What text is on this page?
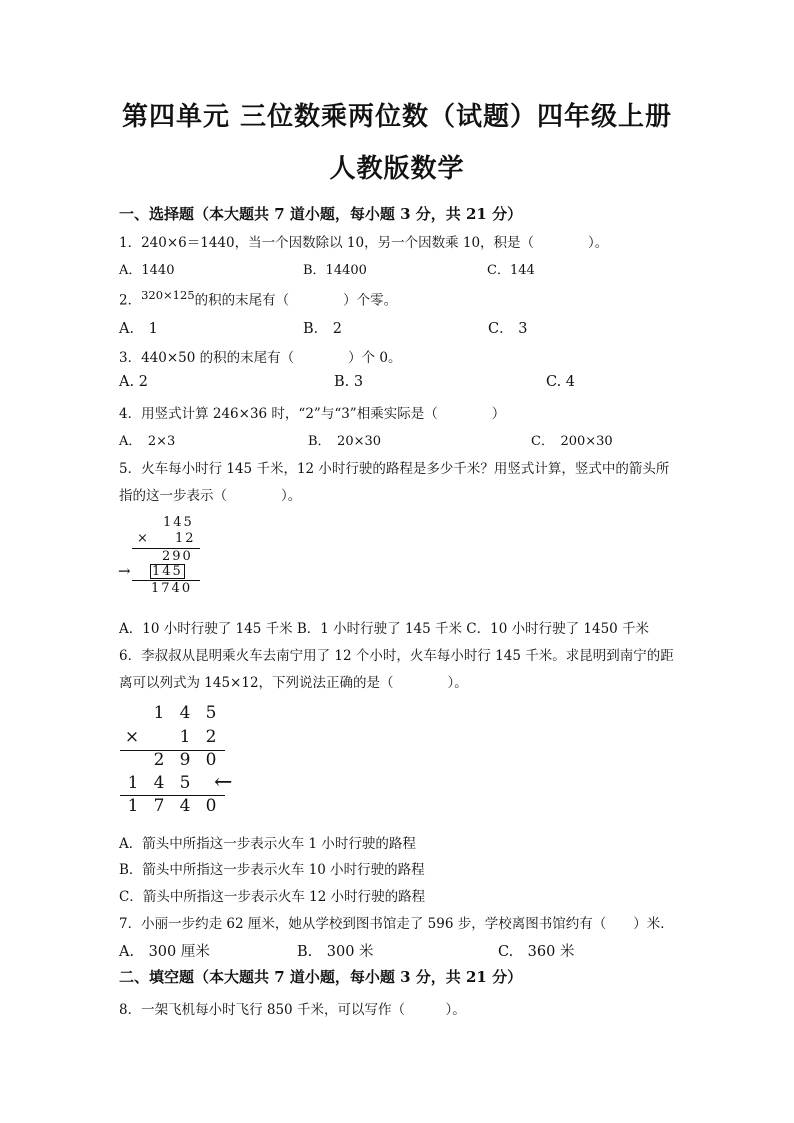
第四单元 三位数乘两位数（试题）四年级上册
人教版数学
一、选择题（本大题共 7 道小题，每小题 3 分，共 21 分）
1．240×6＝1440，当一个因数除以 10，另一个因数乘 10，积是（　　　　）。
A．1440	B．14400	C．144
2．$^{320\times 125}$的积的末尾有（　　　　）个零。
A． 1	B． 2	C． 3
3．440×50 的积的末尾有（　　　　）个 0。
A. 2	B. 3	C. 4
4．用竖式计算 246×36 时，“2”与“3”相乘实际是（　　　　）
A．　2×3	B．　20×30	C．　200×30
5．火车每小时行 145 千米，12 小时行驶的路程是多少千米？用竖式计算，竖式中的箭头所
指的这一步表示（　　　　）。
145
× 12
290
→ 145
1740
A．10 小时行驶了 145 千米 B．1 小时行驶了 145 千米 C．10 小时行驶了 1450 千米
6．李叔叔从昆明乘火车去南宁用了 12 个小时，火车每小时行 145 千米。求昆明到南宁的距
离可以列式为 145×12，下列说法正确的是（　　　　）。
1 4 5
× 1 2
2 9 0
1 4 5 ←
1 7 4 0
A．箭头中所指这一步表示火车 1 小时行驶的路程
B．箭头中所指这一步表示火车 10 小时行驶的路程
C．箭头中所指这一步表示火车 12 小时行驶的路程
7．小丽一步约走 62 厘米，她从学校到图书馆走了 596 步，学校离图书馆约有（　　）米．
A.　300 厘米	B.　300 米	C.　360 米
二、填空题（本大题共 7 道小题，每小题 3 分，共 21 分）
8．一架飞机每小时飞行 850 千米，可以写作（　　　）。
